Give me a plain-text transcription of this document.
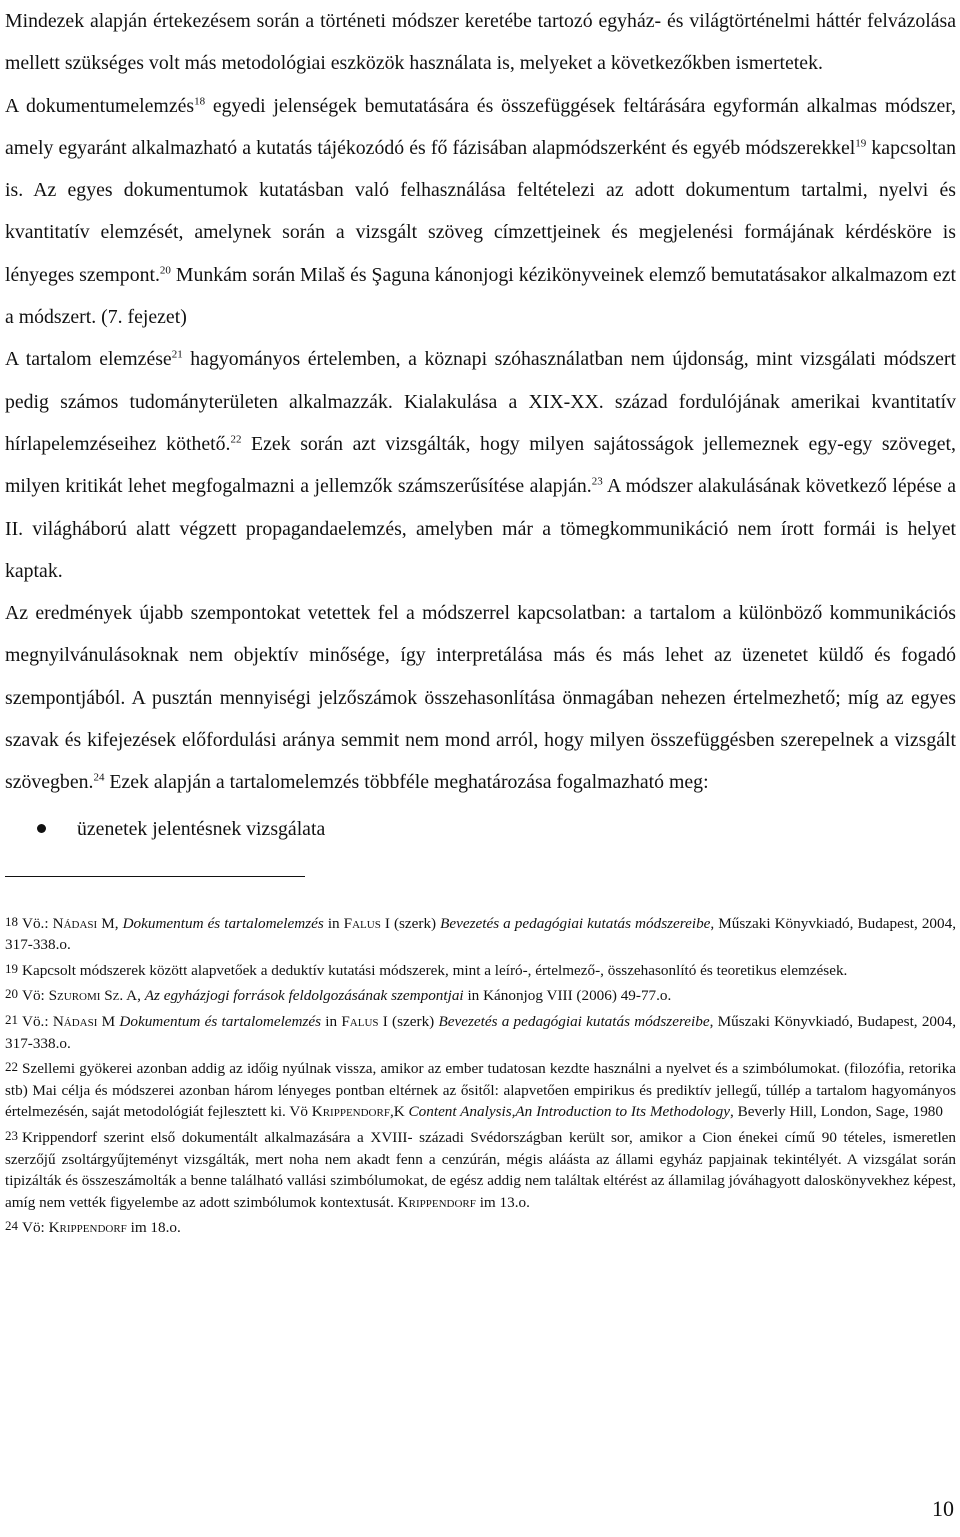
Mindezek alapján értekezésem során a történeti módszer keretébe tartozó egyház- és világtörténelmi háttér felvázolása mellett szükséges volt más metodológiai eszközök használata is, melyeket a következőkben ismertetek.

A dokumentumelemzés$^{18}$ egyedi jelenségek bemutatására és összefüggések feltárására egyformán alkalmas módszer, amely egyaránt alkalmazható a kutatás tájékozódó és fő fázisában alapmódszerként és egyéb módszerekkel$^{19}$ kapcsoltan is. Az egyes dokumentumok kutatásban való felhasználása feltételezi az adott dokumentum tartalmi, nyelvi és kvantitatív elemzését, amelynek során a vizsgált szöveg címzettjeinek és megjelenési formájának kérdésköre is lényeges szempont.$^{20}$ Munkám során Milaš és Şaguna kánonjogi kézikönyveinek elemző bemutatásakor alkalmazom ezt a módszert. (7. fejezet)

A tartalom elemzése$^{21}$ hagyományos értelemben, a köznapi szóhasználatban nem újdonság, mint vizsgálati módszert pedig számos tudományterületen alkalmazzák. Kialakulása a XIX-XX. század fordulójának amerikai kvantitatív hírlapelemzéseihez köthető.$^{22}$ Ezek során azt vizsgálták, hogy milyen sajátosságok jellemeznek egy-egy szöveget, milyen kritikát lehet megfogalmazni a jellemzők számszerűsítése alapján.$^{23}$ A módszer alakulásának következő lépése a II. világháború alatt végzett propagandaelemzés, amelyben már a tömegkommunikáció nem írott formái is helyet kaptak.

Az eredmények újabb szempontokat vetettek fel a módszerrel kapcsolatban: a tartalom a különböző kommunikációs megnyilvánulásoknak nem objektív minősége, így interpretálása más és más lehet az üzenetet küldő és fogadó szempontjából. A pusztán mennyiségi jelzőszámok összehasonlítása önmagában nehezen értelmezhető; míg az egyes szavak és kifejezések előfordulási aránya semmit nem mond arról, hogy milyen összefüggésben szerepelnek a vizsgált szövegben.$^{24}$ Ezek alapján a tartalomelemzés többféle meghatározása fogalmazható meg:

üzenetek jelentésnek vizsgálata
18 Vö.: Nádasi M, Dokumentum és tartalomelemzés in Falus I (szerk) Bevezetés a pedagógiai kutatás módszereibe, Műszaki Könyvkiadó, Budapest, 2004, 317-338.o.
19 Kapcsolt módszerek között alapvetőek a deduktív kutatási módszerek, mint a leíró-, értelmező-, összehasonlító és teoretikus elemzések.
20 Vö: Szuromi Sz. A, Az egyházjogi források feldolgozásának szempontjai in Kánonjog VIII (2006) 49-77.o.
21 Vö.: Nádasi M Dokumentum és tartalomelemzés in Falus I (szerk) Bevezetés a pedagógiai kutatás módszereibe, Műszaki Könyvkiadó, Budapest, 2004, 317-338.o.
22 Szellemi gyökerei azonban addig az időig nyúlnak vissza, amikor az ember tudatosan kezdte használni a nyelvet és a szimbólumokat. (filozófia, retorika stb) Mai célja és módszerei azonban három lényeges pontban eltérnek az ősitől: alapvetően empirikus és prediktív jellegű, túllép a tartalom hagyományos értelmezésén, saját metodológiát fejlesztett ki. Vö Krippendorf,K Content Analysis,An Introduction to Its Methodology, Beverly Hill, London, Sage, 1980
23 Krippendorf szerint első dokumentált alkalmazására a XVIII- századi Svédországban került sor, amikor a Cion énekei című 90 tételes, ismeretlen szerzőjű zsoltárgyűjteményt vizsgálták, mert noha nem akadt fenn a cenzúrán, mégis aláásta az állami egyház papjainak tekintélyét. A vizsgálat során tipizálták és összeszámolták a benne található vallási szimbólumokat, de egész addig nem találtak eltérést az államilag jóváhagyott daloskönyvekhez képest, amíg nem vették figyelembe az adott szimbólumok kontextusát. Krippendorf im 13.o.
24 Vö: Krippendorf im 18.o.
10
